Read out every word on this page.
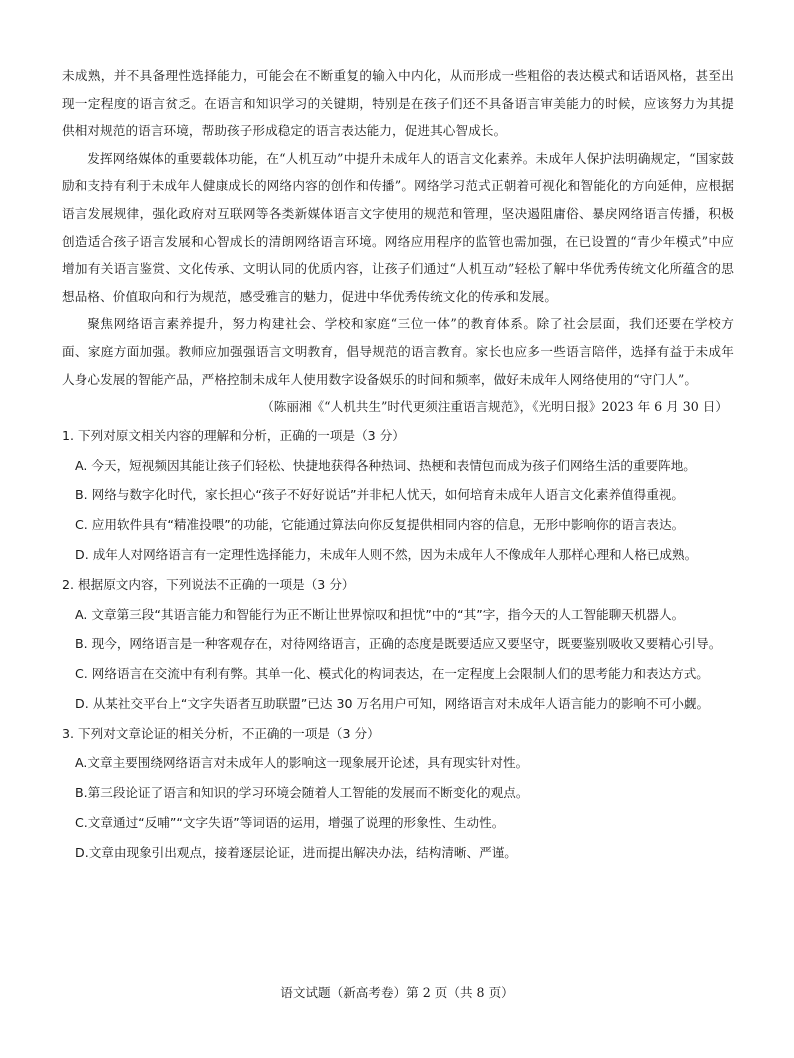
未成熟，并不具备理性选择能力，可能会在不断重复的输入中内化，从而形成一些粗俗的表达模式和话语风格，甚至出现一定程度的语言贫乏。在语言和知识学习的关键期，特别是在孩子们还不具备语言审美能力的时候，应该努力为其提供相对规范的语言环境，帮助孩子形成稳定的语言表达能力，促进其心智成长。

发挥网络媒体的重要载体功能，在“人机互动”中提升未成年人的语言文化素养。未成年人保护法明确规定，“国家鼓励和支持有利于未成年人健康成长的网络内容的创作和传播”。网络学习范式正朝着可视化和智能化的方向延伸，应根据语言发展规律，强化政府对互联网等各类新媒体语言文字使用的规范和管理，坚决遏阻庸俗、暴戾网络语言传播，积极创造适合孩子语言发展和心智成长的清朗网络语言环境。网络应用程序的监管也需加强，在已设置的“青少年模式”中应增加有关语言鉴赏、文化传承、文明认同的优质内容，让孩子们通过“人机互动”轻松了解中华优秀传统文化所蕴含的思想品格、价值取向和行为规范，感受雅言的魅力，促进中华优秀传统文化的传承和发展。

聚焦网络语言素养提升，努力构建社会、学校和家庭“三位一体”的教育体系。除了社会层面，我们还要在学校方面、家庭方面加强。教师应加强强语言文明教育，倡导规范的语言教育。家长也应多一些语言陪伴，选择有益于未成年人身心发展的智能产品，严格控制未成年人使用数字设备娱乐的时间和频率，做好未成年人网络使用的“守门人”。

（陈丽湘《“人机共生”时代更须注重语言规范》，《光明日报》2023 年 6 月 30 日）

1. 下列对原文相关内容的理解和分析，正确的一项是（3 分）

A. 今天，短视频因其能让孩子们轻松、快捷地获得各种热词、热梗和表情包而成为孩子们网络生活的重要阵地。

B. 网络与数字化时代，家长担心“孩子不好好说话”并非杞人忧天，如何培育未成年人语言文化素养值得重视。

C. 应用软件具有“精准投喂”的功能，它能通过算法向你反复提供相同内容的信息，无形中影响你的语言表达。

D. 成年人对网络语言有一定理性选择能力，未成年人则不然，因为未成年人不像成年人那样心理和人格已成熟。

2. 根据原文内容，下列说法不正确的一项是（3 分）

A. 文章第三段“其语言能力和智能行为正不断让世界惊叹和担忧”中的“其”字，指今天的人工智能聊天机器人。

B. 现今，网络语言是一种客观存在，对待网络语言，正确的态度是既要适应又要坚守，既要鉴别吸收又要精心引导。

C. 网络语言在交流中有利有弊。其单一化、模式化的构词表达，在一定程度上会限制人们的思考能力和表达方式。

D. 从某社交平台上“文字失语者互助联盟”已达 30 万名用户可知，网络语言对未成年人语言能力的影响不可小觑。

3. 下列对文章论证的相关分析，不正确的一项是（3 分）

A.文章主要围绕网络语言对未成年人的影响这一现象展开论述，具有现实针对性。

B.第三段论证了语言和知识的学习环境会随着人工智能的发展而不断变化的观点。

C.文章通过“反哺”“文字失语”等词语的运用，增强了说理的形象性、生动性。

D.文章由现象引出观点，接着逐层论证，进而提出解决办法，结构清晰、严谨。

语文试题（新高考卷）第 2 页（共 8 页）
